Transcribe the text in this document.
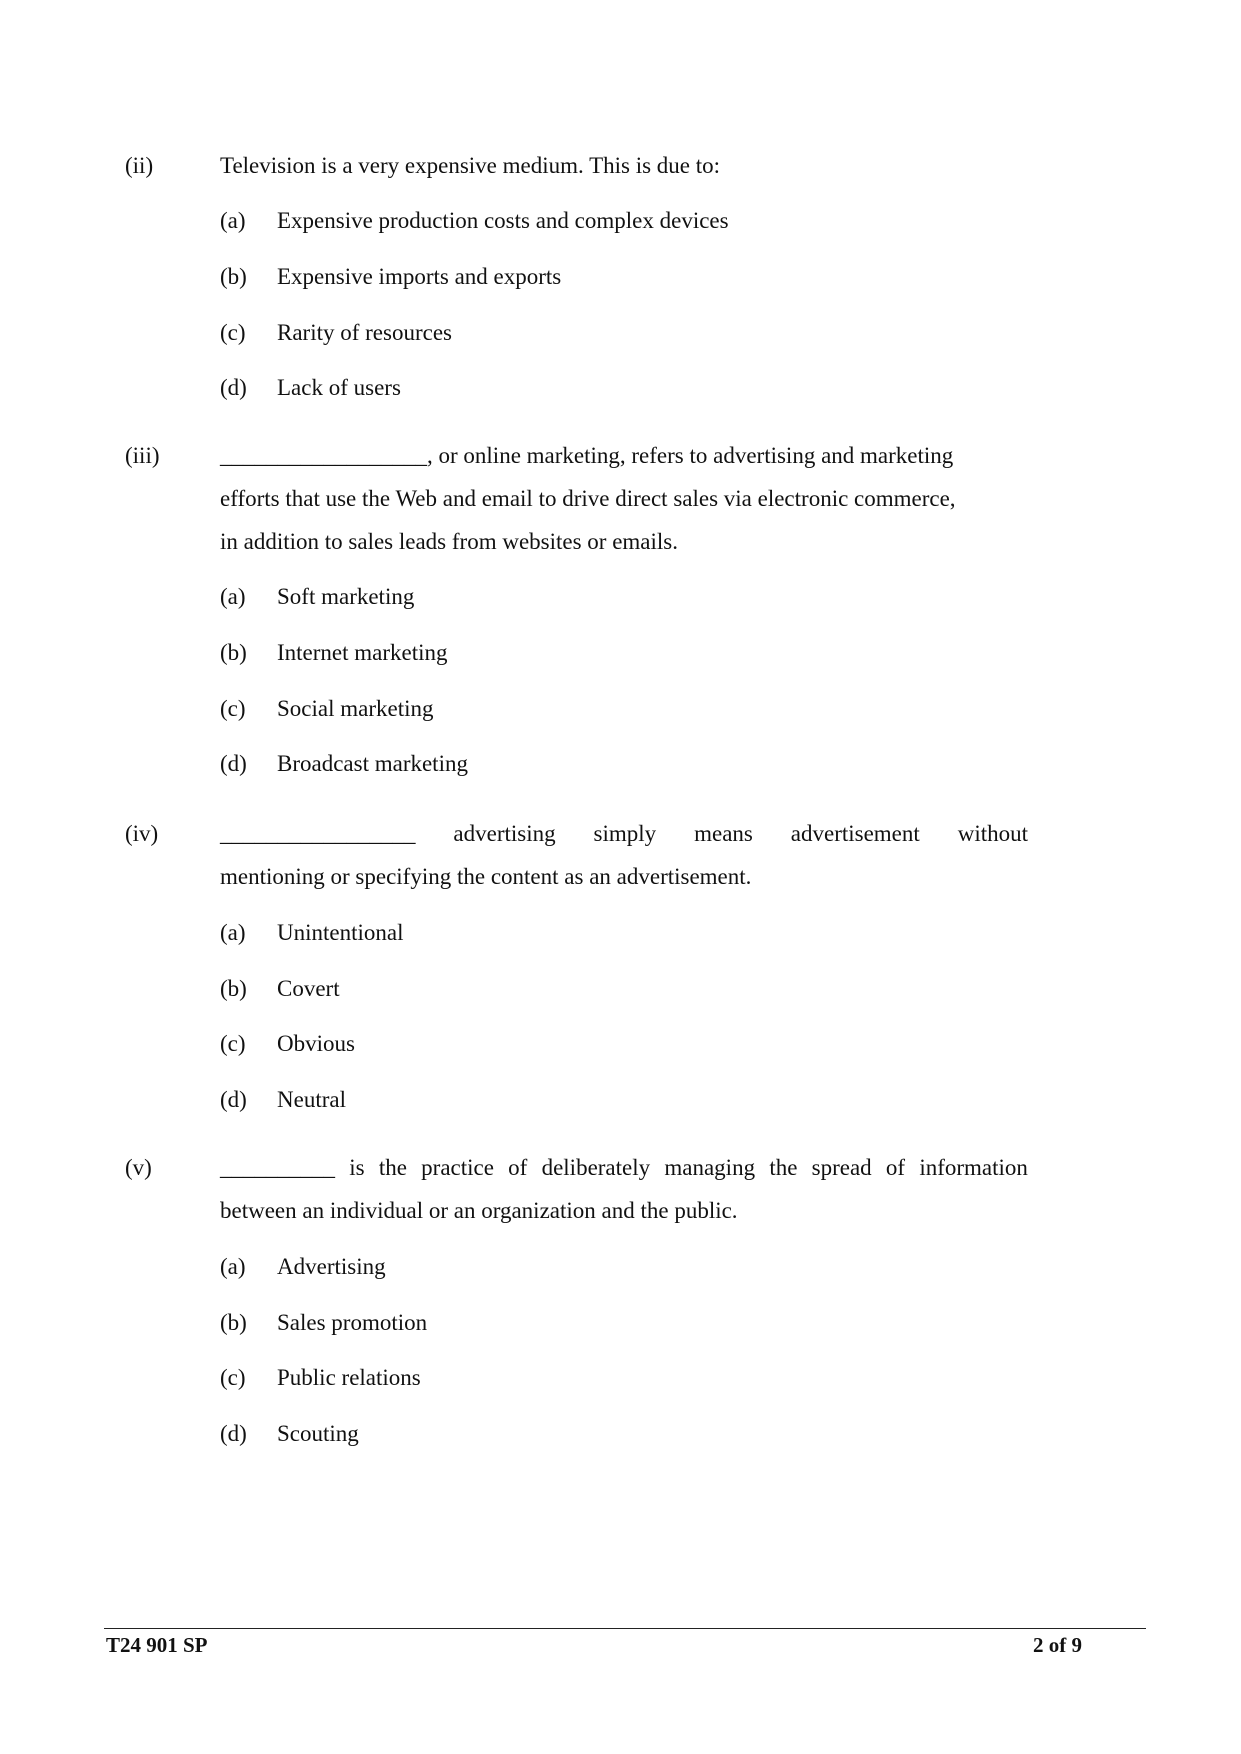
(ii)	Television is a very expensive medium. This is due to:
(a) Expensive production costs and complex devices
(b) Expensive imports and exports
(c) Rarity of resources
(d) Lack of users
(iii)	__________________, or online marketing, refers to advertising and marketing
efforts that use the Web and email to drive direct sales via electronic commerce,
in addition to sales leads from websites or emails.
(a) Soft marketing
(b) Internet marketing
(c) Social marketing
(d) Broadcast marketing
(iv)	_________________ advertising simply means advertisement without
mentioning or specifying the content as an advertisement.
(a) Unintentional
(b) Covert
(c) Obvious
(d) Neutral
(v)	__________ is the practice of deliberately managing the spread of information
between an individual or an organization and the public.
(a) Advertising
(b) Sales promotion
(c) Public relations
(d) Scouting
T24 901 SP	2 of 9
